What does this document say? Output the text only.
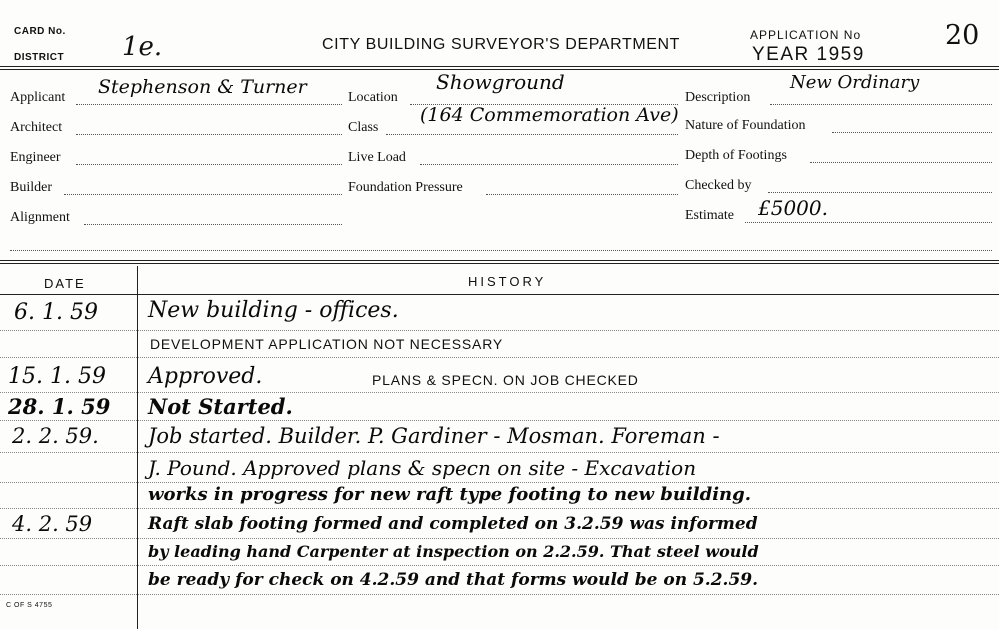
CARD No.
DISTRICT 1e.	CITY BUILDING SURVEYOR'S DEPARTMENT
APPLICATION No
YEAR 1959
20
Applicant Stephenson & Turner
Architect
Engineer
Builder
Alignment
Location
Showground
Class
(164 Commemoration Ave)
Live Load
Foundation Pressure
Description
New Ordinary
Nature of Foundation
Depth of Footings
Checked by
Estimate £5000.
DATE	HISTORY
6. 1. 59 New building - offices.
DEVELOPMENT APPLICATION NOT NECESSARY
15. 1. 59 Approved.	PLANS & SPECN. ON JOB CHECKED
28. 1. 59 Not Started.
2. 2. 59. Job started. Builder. P. Gardiner - Mosman. Foreman -
J. Pound. Approved plans & specn on site - Excavation
works in progress for new raft type footing to new building.
4. 2. 59	Raft slab footing formed and completed on 3.2.59 was informed
by leading hand Carpenter at inspection on 2.2.59. That steel would
be ready for check on 4.2.59 and that forms would be on 5.2.59.
C OF S 4755
